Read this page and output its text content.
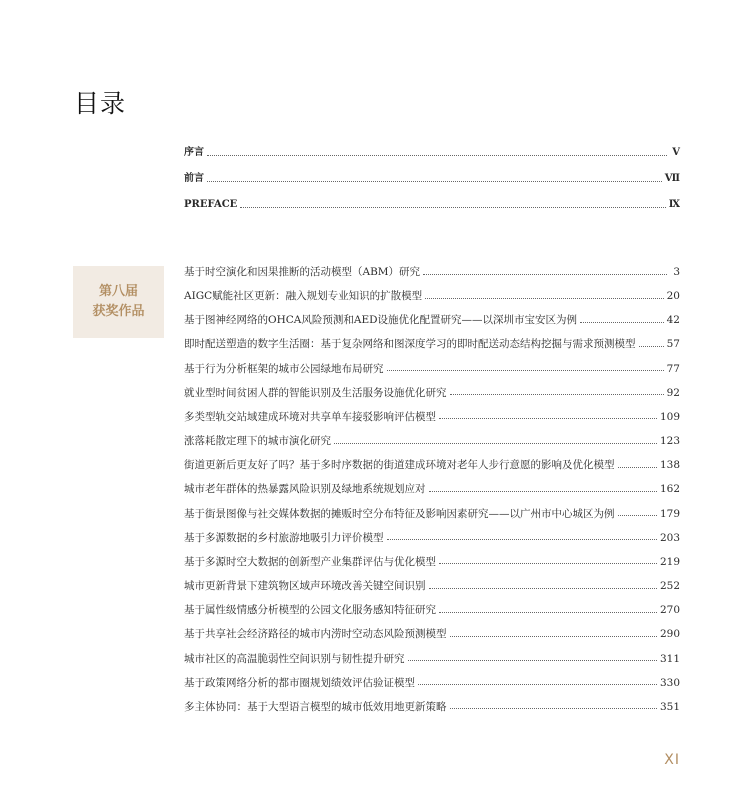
目录
序言	Ⅴ
前言	Ⅶ
PREFACE	Ⅸ
第八届
获奖作品
基于时空演化和因果推断的活动模型（ABM）研究	3
AIGC赋能社区更新：融入规划专业知识的扩散模型	20
基于图神经网络的OHCA风险预测和AED设施优化配置研究——以深圳市宝安区为例	42
即时配送塑造的数字生活圈：基于复杂网络和图深度学习的即时配送动态结构挖掘与需求预测模型	57
基于行为分析框架的城市公园绿地布局研究	77
就业型时间贫困人群的智能识别及生活服务设施优化研究	92
多类型轨交站域建成环境对共享单车接驳影响评估模型	109
涨落耗散定理下的城市演化研究	123
街道更新后更友好了吗？基于多时序数据的街道建成环境对老年人步行意愿的影响及优化模型	138
城市老年群体的热暴露风险识别及绿地系统规划应对	162
基于街景图像与社交媒体数据的摊贩时空分布特征及影响因素研究——以广州市中心城区为例	179
基于多源数据的乡村旅游地吸引力评价模型	203
基于多源时空大数据的创新型产业集群评估与优化模型	219
城市更新背景下建筑物区域声环境改善关键空间识别	252
基于属性级情感分析模型的公园文化服务感知特征研究	270
基于共享社会经济路径的城市内涝时空动态风险预测模型	290
城市社区的高温脆弱性空间识别与韧性提升研究	311
基于政策网络分析的都市圈规划绩效评估验证模型	330
多主体协同：基于大型语言模型的城市低效用地更新策略	351
XI
